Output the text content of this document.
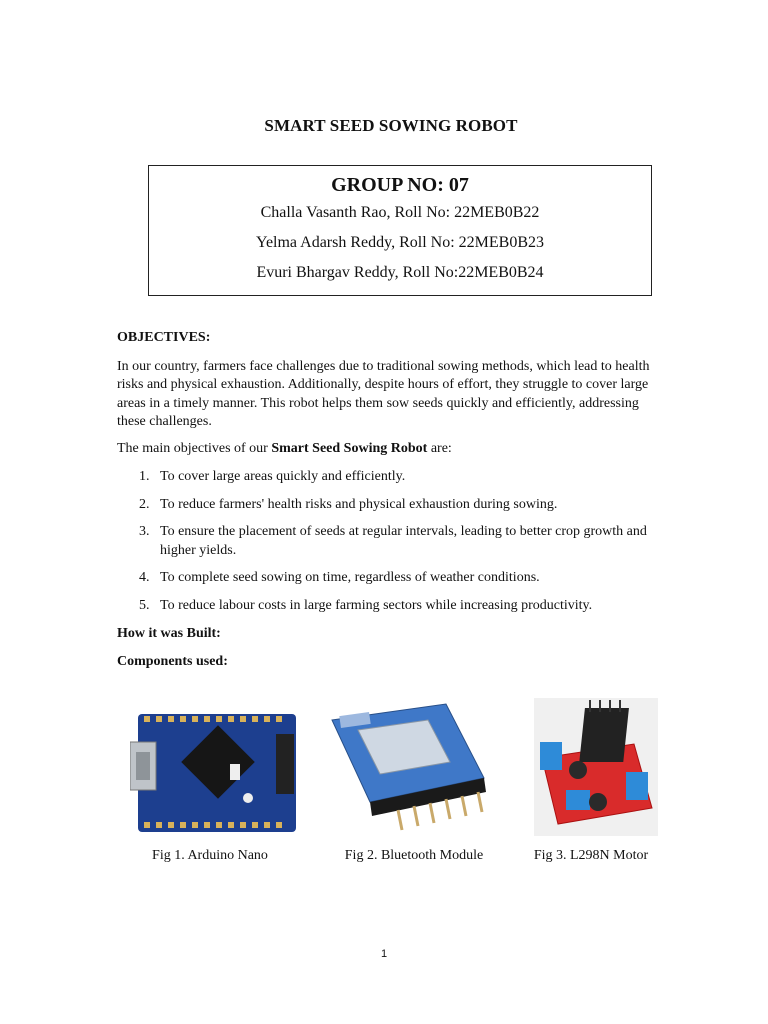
SMART SEED SOWING ROBOT
GROUP NO: 07
Challa Vasanth Rao, Roll No: 22MEB0B22
Yelma Adarsh Reddy, Roll No: 22MEB0B23
Evuri Bhargav Reddy, Roll No:22MEB0B24
OBJECTIVES:
In our country, farmers face challenges due to traditional sowing methods, which lead to health risks and physical exhaustion. Additionally, despite hours of effort, they struggle to cover large areas in a timely manner. This robot helps them sow seeds quickly and efficiently, addressing these challenges.
The main objectives of our Smart Seed Sowing Robot are:
1. To cover large areas quickly and efficiently.
2. To reduce farmers' health risks and physical exhaustion during sowing.
3. To ensure the placement of seeds at regular intervals, leading to better crop growth and higher yields.
4. To complete seed sowing on time, regardless of weather conditions.
5. To reduce labour costs in large farming sectors while increasing productivity.
How it was Built:
Components used:
Fig 1. Arduino Nano	Fig 2. Bluetooth Module	Fig 3. L298N Motor
1
